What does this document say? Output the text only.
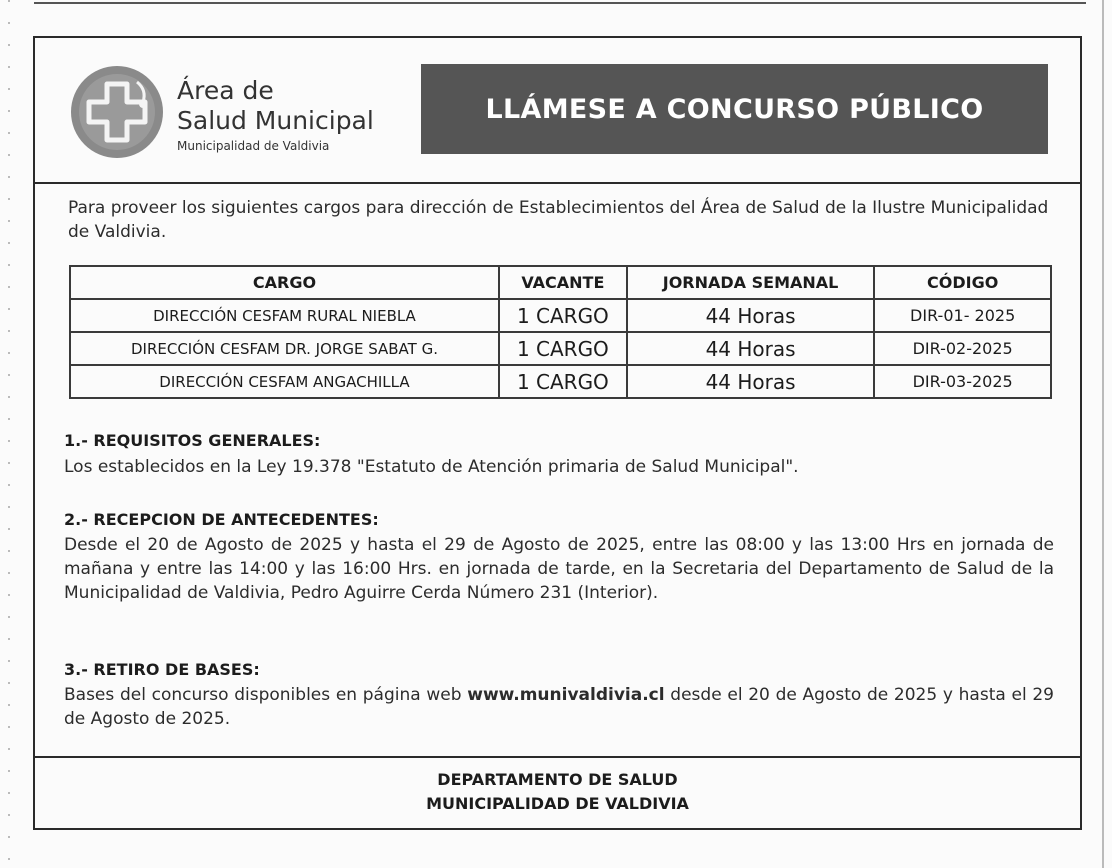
Área de
Salud Municipal
Municipalidad de Valdivia
LLÁMESE A CONCURSO PÚBLICO
Para proveer los siguientes cargos para dirección de Establecimientos del Área de Salud de la Ilustre Municipalidad de Valdivia.
CARGO	VACANTE	JORNADA SEMANAL	CÓDIGO
DIRECCIÓN CESFAM RURAL NIEBLA	1 CARGO	44 Horas	DIR-01- 2025
DIRECCIÓN CESFAM DR. JORGE SABAT G.	1 CARGO	44 Horas	DIR-02-2025
DIRECCIÓN CESFAM ANGACHILLA	1 CARGO	44 Horas	DIR-03-2025
1.- REQUISITOS GENERALES:
Los establecidos en la Ley 19.378 "Estatuto de Atención primaria de Salud Municipal".
2.- RECEPCION DE ANTECEDENTES:
Desde el 20 de Agosto de 2025 y hasta el 29 de Agosto de 2025, entre las 08:00 y las 13:00 Hrs en jornada de mañana y entre las 14:00 y las 16:00 Hrs. en jornada de tarde, en la Secretaria del Departamento de Salud de la Municipalidad de Valdivia, Pedro Aguirre Cerda Número 231 (Interior).
3.- RETIRO DE BASES:
Bases del concurso disponibles en página web www.munivaldivia.cl desde el 20 de Agosto de 2025 y hasta el 29 de Agosto de 2025.
DEPARTAMENTO DE SALUD
MUNICIPALIDAD DE VALDIVIA
